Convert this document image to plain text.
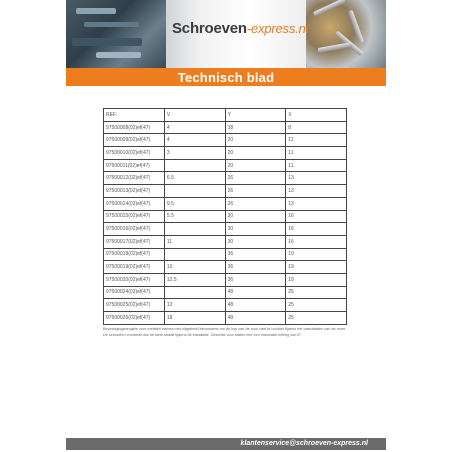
Schroeven-express.nl
Technisch blad
REF.	V	Y	X
97500008(02)ef(47)	4	18	8
97500009(02)ef(47)	4	20	11
97500010(02)ef(47)	3	20	11
97500011(02)ef(47)		20	11
97500012(02)ef(47)	6.5	26	13
97500013(02)ef(47)		26	13
97500014(02)ef(47)	9.5	26	13
97500015(02)ef(47)	5.5	30	16
97500016(02)ef(47)		30	16
97500017(02)ef(47)	11	30	16
97500018(02)ef(47)		36	19
97500019(02)ef(47)	10	36	19
97500020(02)ef(47)	12.5	36	19
97500024(02)ef(47)		48	25
97500025(02)ef(47)	12	48	25
97500026(02)ef(47)	18	48	25
Bevestigingsbeugels voor metalen frames met uitgebreid bevoordeel om de kop van de bout vast te houden tijdens het vastdraaien van de moer. De schroefen voorbeelt dat de klem straalt tijdens de installatie. Geschikt voor stalen met een maximale helling van 8°.
klantenservice@schroeven-express.nl
